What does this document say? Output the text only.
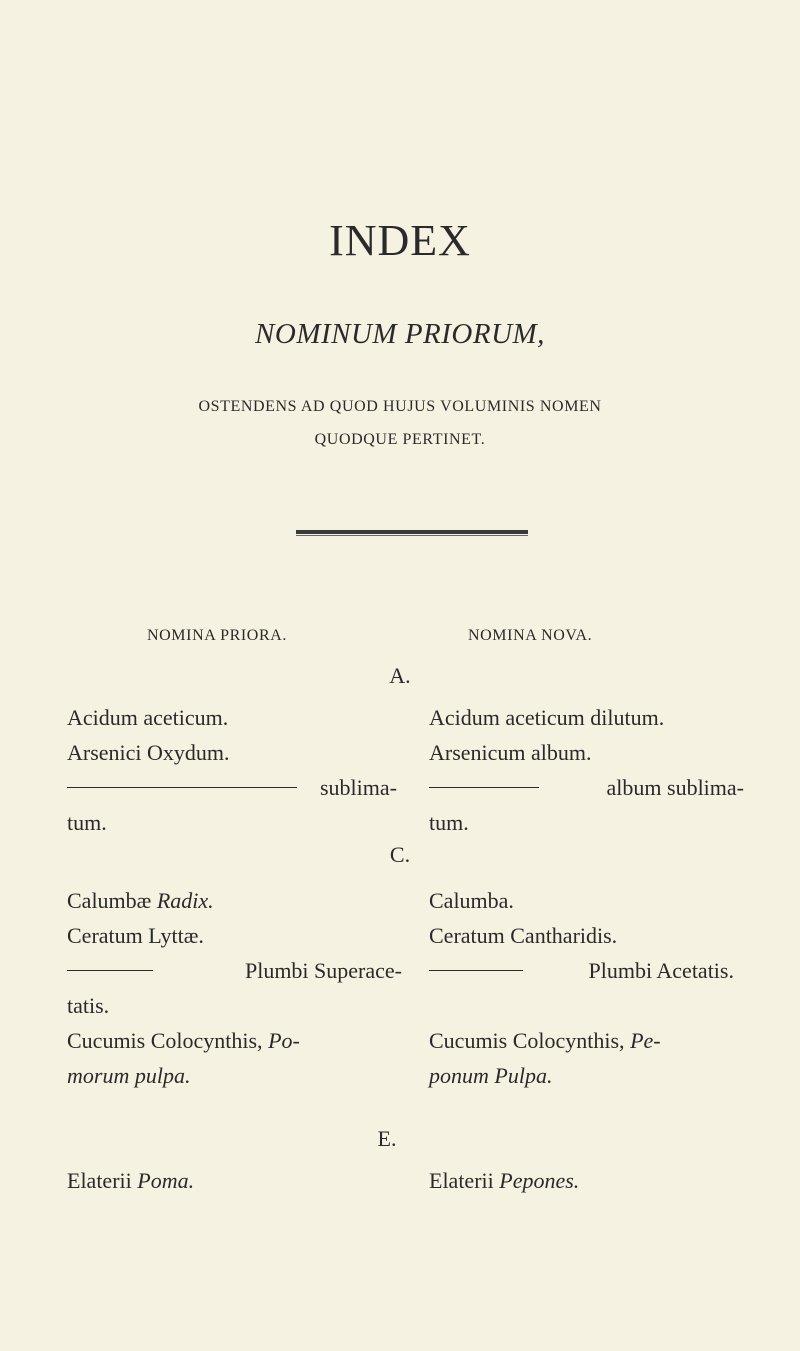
INDEX
NOMINUM PRIORUM,
OSTENDENS AD QUOD HUJUS VOLUMINIS NOMEN
QUODQUE PERTINET.
NOMINA PRIORA.	NOMINA NOVA.
A.
Acidum aceticum.
Arsenici Oxydum.
sublima-
tum.
Acidum aceticum dilutum.
Arsenicum album.
album sublima-
tum.
C.
Calumbæ Radix.
Ceratum Lyttæ.
Plumbi Superace-
tatis.
Cucumis Colocynthis, Po-
morum pulpa.
Calumba.
Ceratum Cantharidis.
Plumbi Acetatis.
Cucumis Colocynthis, Pe-
ponum Pulpa.
E.
Elaterii Poma.	Elaterii Pepones.
